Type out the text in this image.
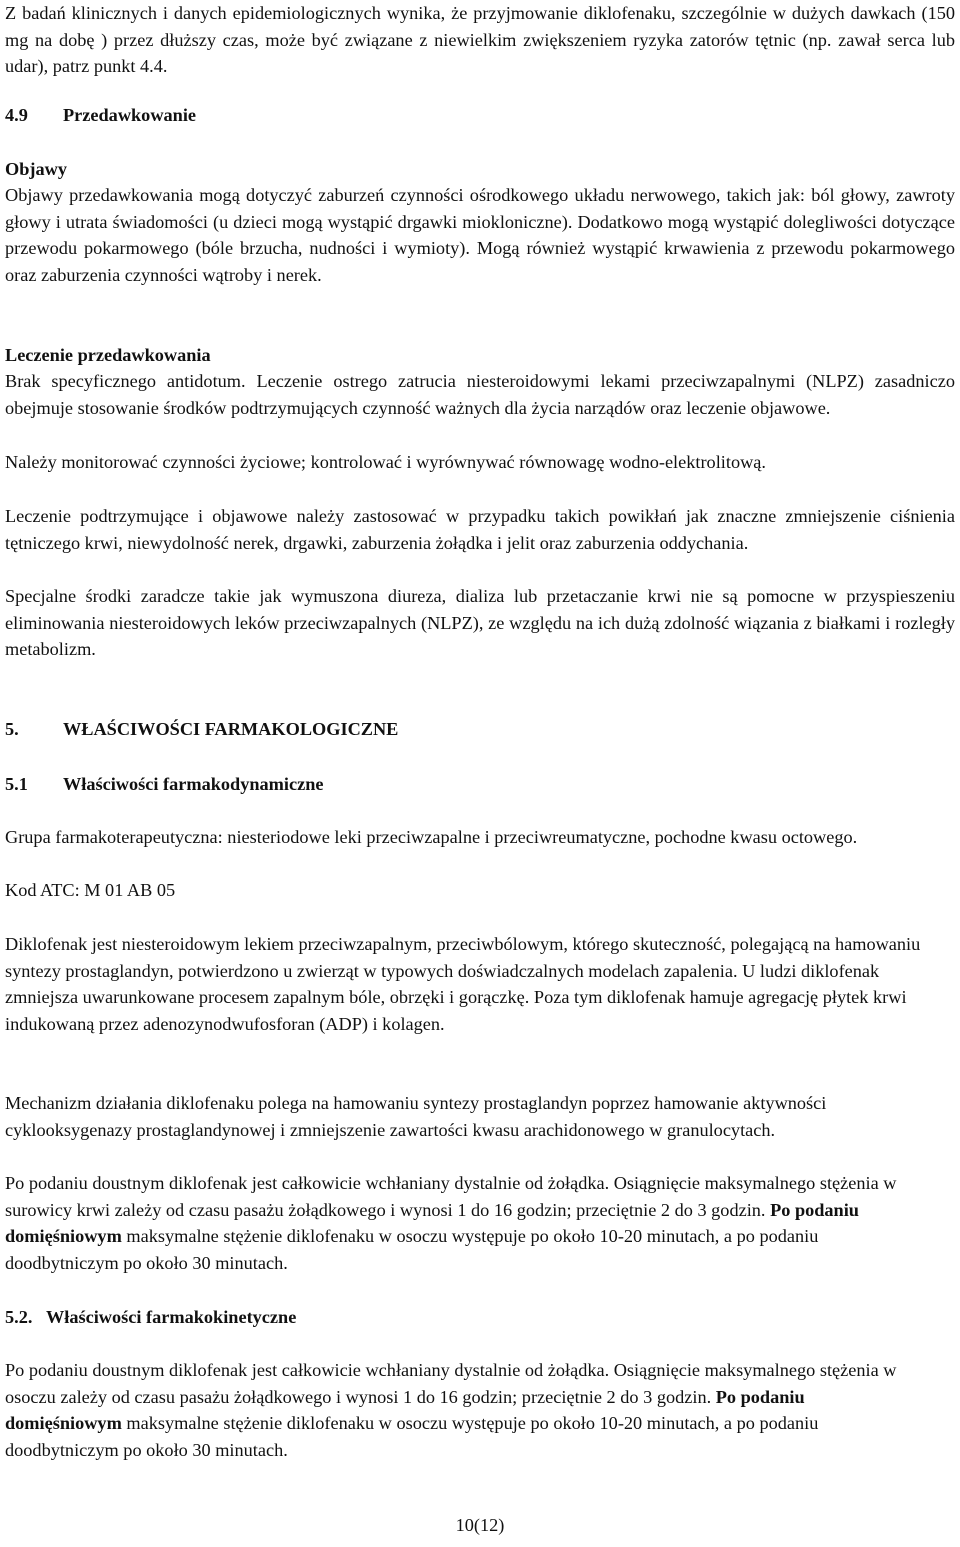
Z badań klinicznych i danych epidemiologicznych wynika, że przyjmowanie diklofenaku, szczególnie w dużych dawkach (150 mg na dobę ) przez dłuższy czas, może być związane z niewielkim zwiększeniem ryzyka zatorów tętnic (np. zawał serca lub udar), patrz punkt 4.4.

4.9	Przedawkowanie

Objawy

Objawy przedawkowania mogą dotyczyć zaburzeń czynności ośrodkowego układu nerwowego, takich jak: ból głowy, zawroty głowy i utrata świadomości (u dzieci mogą wystąpić drgawki miokloniczne). Dodatkowo mogą wystąpić dolegliwości dotyczące przewodu pokarmowego (bóle brzucha, nudności i wymioty). Mogą również wystąpić krwawienia z przewodu pokarmowego oraz zaburzenia czynności wątroby i nerek.

Leczenie przedawkowania

Brak specyficznego antidotum. Leczenie ostrego zatrucia niesteroidowymi lekami przeciwzapalnymi (NLPZ) zasadniczo obejmuje stosowanie środków podtrzymujących czynność ważnych dla życia narządów oraz leczenie objawowe.

Należy monitorować czynności życiowe; kontrolować i wyrównywać równowagę wodno-elektrolitową.

Leczenie podtrzymujące i objawowe należy zastosować w przypadku takich powikłań jak znaczne zmniejszenie ciśnienia tętniczego krwi, niewydolność nerek, drgawki, zaburzenia żołądka i jelit oraz zaburzenia oddychania.

Specjalne środki zaradcze takie jak wymuszona diureza, dializa lub przetaczanie krwi nie są pomocne w przyspieszeniu eliminowania niesteroidowych leków przeciwzapalnych (NLPZ), ze względu na ich dużą zdolność wiązania z białkami i rozległy metabolizm.

5.	WŁAŚCIWOŚCI FARMAKOLOGICZNE
5.1	Właściwości farmakodynamiczne

Grupa farmakoterapeutyczna: niesteriodowe leki przeciwzapalne i przeciwreumatyczne, pochodne kwasu octowego.

Kod ATC: M 01 AB 05

Diklofenak jest niesteroidowym lekiem przeciwzapalnym, przeciwbólowym, którego skuteczność, polegającą na hamowaniu syntezy prostaglandyn, potwierdzono u zwierząt w typowych doświadczalnych modelach zapalenia. U ludzi diklofenak zmniejsza uwarunkowane procesem zapalnym bóle, obrzęki i gorączkę. Poza tym diklofenak hamuje agregację płytek krwi indukowaną przez adenozynodwufosforan (ADP) i kolagen.

Mechanizm działania diklofenaku polega na hamowaniu syntezy prostaglandyn poprzez hamowanie aktywności cyklooksygenazy prostaglandynowej i zmniejszenie zawartości kwasu arachidonowego w granulocytach.

Po podaniu doustnym diklofenak jest całkowicie wchłaniany dystalnie od żołądka. Osiągnięcie maksymalnego stężenia w surowicy krwi zależy od czasu pasażu żołądkowego i wynosi 1 do 16 godzin; przeciętnie 2 do 3 godzin. Po podaniu domięśniowym maksymalne stężenie diklofenaku w osoczu występuje po około 10-20 minutach, a po podaniu doodbytniczym po około 30 minutach.

5.2. Właściwości farmakokinetyczne

Po podaniu doustnym diklofenak jest całkowicie wchłaniany dystalnie od żołądka. Osiągnięcie maksymalnego stężenia w osoczu zależy od czasu pasażu żołądkowego i wynosi 1 do 16 godzin; przeciętnie 2 do 3 godzin. Po podaniu domięśniowym maksymalne stężenie diklofenaku w osoczu występuje po około 10-20 minutach, a po podaniu doodbytniczym po około 30 minutach.

10(12)
